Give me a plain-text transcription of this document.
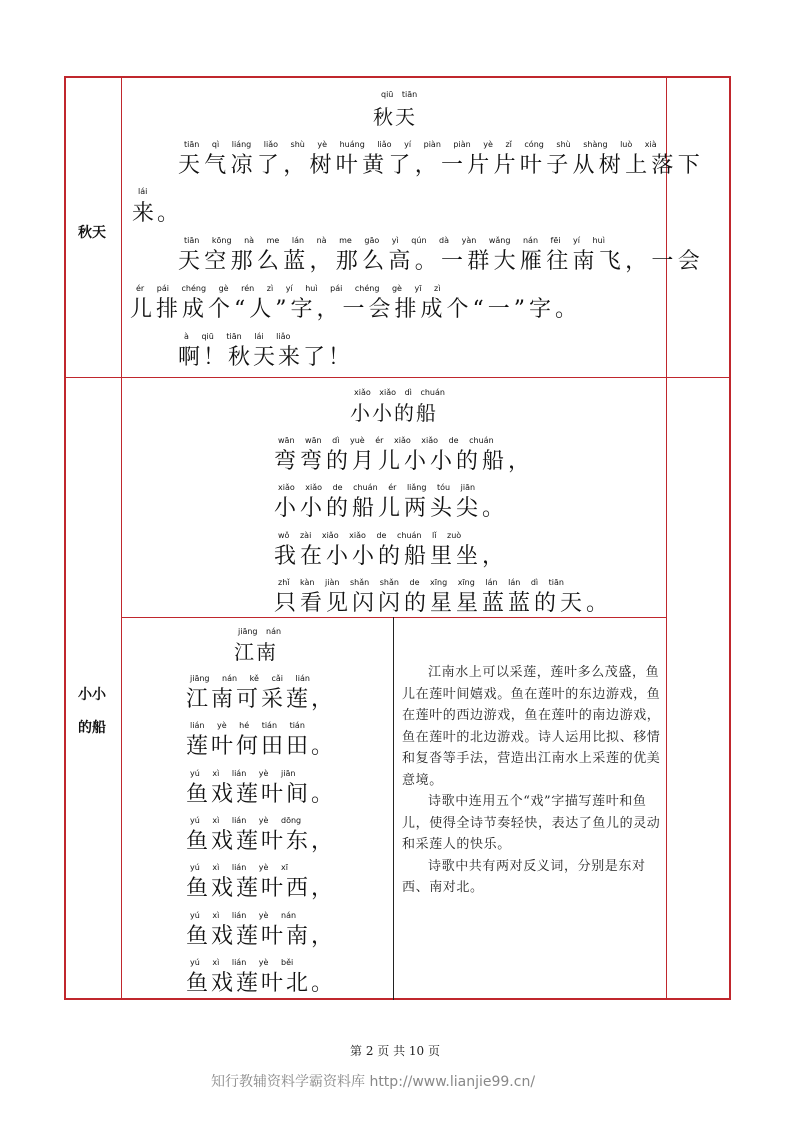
秋天
qiū tiān
秋天
tiān qì liáng liǎo shù yè huáng liǎo yí piàn piàn yè zǐ cóng shù shàng luò xià
天气凉了，树叶黄了，一片片叶子从树上落下
lái
来。
tiān kōng nà me lán nà me gāo yì qún dà yàn wǎng nán fēi yí huì
天空那么蓝，那么高。一群大雁往南飞，一会
ér pái chéng gè rén zì yí huì pái chéng gè yī zì
儿排成个“人”字，一会排成个“一”字。
à qiū tiān lái liǎo
啊！秋天来了！
xiǎo xiǎo dì chuán
小小的船
wān wān dì yuè ér xiǎo xiǎo de chuán
弯弯的月儿小小的船，
xiǎo xiǎo de chuán ér liǎng tóu jiān
小小的船儿两头尖。
wǒ zài xiǎo xiǎo de chuán lǐ zuò
我在小小的船里坐，
zhǐ kàn jiàn shǎn shǎn de xīng xīng lán lán dì tiān
只看见闪闪的星星蓝蓝的天。
小小
的船
jiāng nán
江南
jiāng nán kě cǎi lián
江南可采莲，
lián yè hé tián tián
莲叶何田田。
yú xì lián yè jiān
鱼戏莲叶间。
yú xì lián yè dōng
鱼戏莲叶东，
yú xì lián yè xī
鱼戏莲叶西，
yú xì lián yè nán
鱼戏莲叶南，
yú xì lián yè běi
鱼戏莲叶北。

江南水上可以采莲，莲叶多么茂盛，鱼儿在莲叶间嬉戏。鱼在莲叶的东边游戏，鱼在莲叶的西边游戏，鱼在莲叶的南边游戏，鱼在莲叶的北边游戏。诗人运用比拟、移情和复沓等手法，营造出江南水上采莲的优美意境。

诗歌中连用五个“戏”字描写莲叶和鱼儿，使得全诗节奏轻快，表达了鱼儿的灵动和采莲人的快乐。

诗歌中共有两对反义词，分别是东对西、南对北。

第 2 页 共 10 页
知行教辅资料学霸资料库 http://www.lianjie99.cn/
